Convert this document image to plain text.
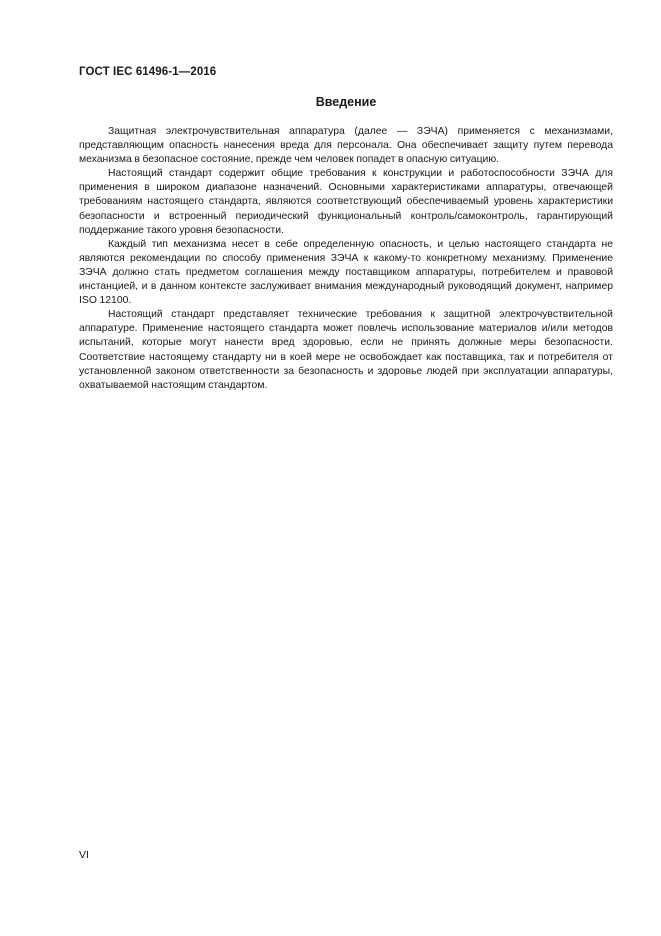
ГОСТ IEC 61496-1—2016
Введение

Защитная электрочувствительная аппаратура (далее — ЗЭЧА) применяется с механизмами, представляющим опасность нанесения вреда для персонала. Она обеспечивает защиту путем перевода механизма в безопасное состояние, прежде чем человек попадет в опасную ситуацию.

Настоящий стандарт содержит общие требования к конструкции и работоспособности ЗЭЧА для применения в широком диапазоне назначений. Основными характеристиками аппаратуры, отвечающей требованиям настоящего стандарта, являются соответствующий обеспечиваемый уровень характеристики безопасности и встроенный периодический функциональный контроль/самоконтроль, гарантирующий поддержание такого уровня безопасности.

Каждый тип механизма несет в себе определенную опасность, и целью настоящего стандарта не являются рекомендации по способу применения ЗЭЧА к какому-то конкретному механизму. Применение ЗЭЧА должно стать предметом соглашения между поставщиком аппаратуры, потребителем и правовой инстанцией, и в данном контексте заслуживает внимания международный руководящий документ, например ISO 12100.

Настоящий стандарт представляет технические требования к защитной электрочувствительной аппаратуре. Применение настоящего стандарта может повлечь использование материалов и/или методов испытаний, которые могут нанести вред здоровью, если не принять должные меры безопасности. Соответствие настоящему стандарту ни в коей мере не освобождает как поставщика, так и потребителя от установленной законом ответственности за безопасность и здоровье людей при эксплуатации аппаратуры, охватываемой настоящим стандартом.

VI
